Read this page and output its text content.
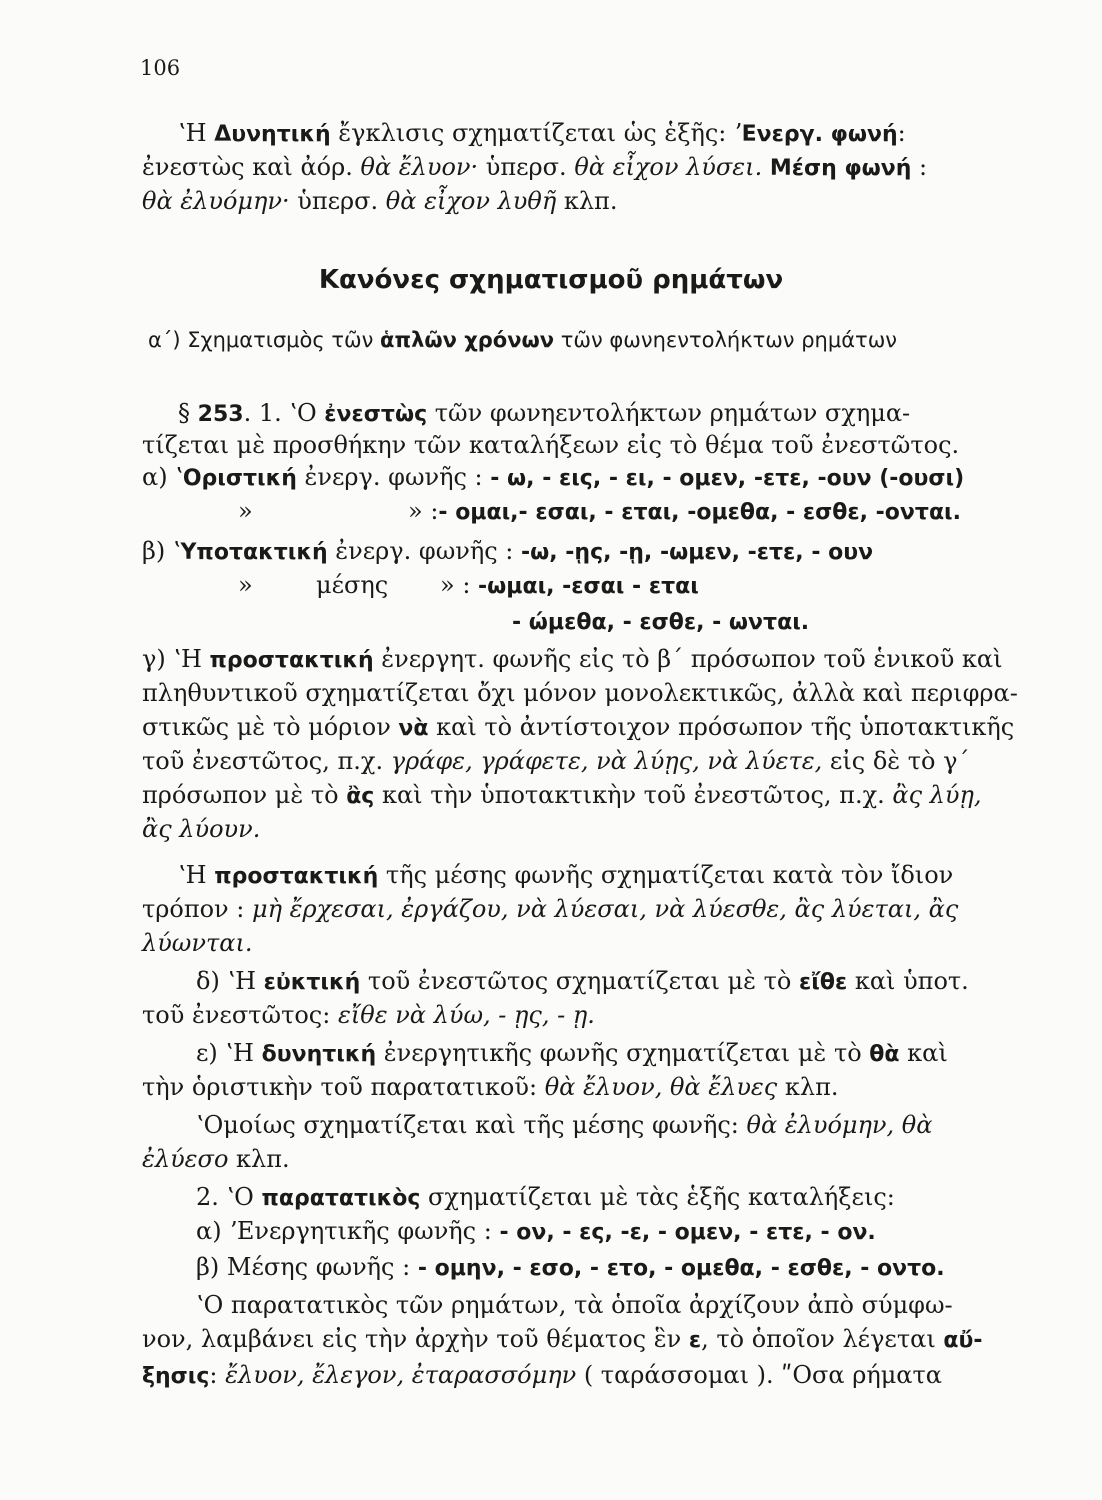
106
ʽΗ Δυνητική ἔγκλισις σχηματίζεται ὡς ἑξῆς: ʼΕνεργ. φωνή:
ἐνεστὼς καὶ ἀόρ. θὰ ἔλυον· ὑπερσ. θὰ εἶχον λύσει. Μέση φωνή :
θὰ ἐλυόμην· ὑπερσ. θὰ εἶχον λυθῆ κλπ.
Κανόνες σχηματισμοῦ ρημάτων
α΄) Σχηματισμὸς τῶν ἁπλῶν χρόνων τῶν φωνηεντολήκτων ρημάτων
§ 253. 1. ʽΟ ἐνεστὼς τῶν φωνηεντολήκτων ρημάτων σχημα-
τίζεται μὲ προσθήκην τῶν καταλήξεων εἰς τὸ θέμα τοῦ ἐνεστῶτος.
α) ʽΟριστική ἐνεργ. φωνῆς : - ω, - εις, - ει, - ομεν, -ετε, -ουν (-ουσι)
»	» :- ομαι,- εσαι, - εται, -ομεθα, - εσθε, -ονται.
β) ʽΥποτακτική ἐνεργ. φωνῆς : -ω, -ῃς, -ῃ, -ωμεν, -ετε, - ουν
»	μέσης » : -ωμαι, -εσαι - εται
- ώμεθα, - εσθε, - ωνται.
γ) ʽΗ προστακτική ἐνεργητ. φωνῆς εἰς τὸ β΄ πρόσωπον τοῦ ἑνικοῦ καὶ
πληθυντικοῦ σχηματίζεται ὄχι μόνον μονολεκτικῶς, ἀλλὰ καὶ περιφρα-
στικῶς μὲ τὸ μόριον νὰ καὶ τὸ ἀντίστοιχον πρόσωπον τῆς ὑποτακτικῆς
τοῦ ἐνεστῶτος, π.χ. γράφε, γράφετε, νὰ λύῃς, νὰ λύετε, εἰς δὲ τὸ γ΄
πρόσωπον μὲ τὸ ἂς καὶ τὴν ὑποτακτικὴν τοῦ ἐνεστῶτος, π.χ. ἂς λύῃ,
ἂς λύουν.
ʽΗ προστακτική τῆς μέσης φωνῆς σχηματίζεται κατὰ τὸν ἴδιον
τρόπον : μὴ ἔρχεσαι, ἐργάζου, νὰ λύεσαι, νὰ λύεσθε, ἂς λύεται, ἂς
λύωνται.
δ) ʽΗ εὐκτική τοῦ ἐνεστῶτος σχηματίζεται μὲ τὸ εἴθε καὶ ὑποτ.
τοῦ ἐνεστῶτος: εἴθε νὰ λύω, - ῃς, - ῃ.
ε) ʽΗ δυνητική ἐνεργητικῆς φωνῆς σχηματίζεται μὲ τὸ θὰ καὶ
τὴν ὁριστικὴν τοῦ παρατατικοῦ: θὰ ἔλυον, θὰ ἔλυες κλπ.
ʽΟμοίως σχηματίζεται καὶ τῆς μέσης φωνῆς: θὰ ἐλυόμην, θὰ
ἐλύεσο κλπ.
2. ʽΟ παρατατικὸς σχηματίζεται μὲ τὰς ἑξῆς καταλήξεις:
α) ʼΕνεργητικῆς φωνῆς : - ον, - ες, -ε, - ομεν, - ετε, - ον.
β) Μέσης φωνῆς : - ομην, - εσο, - ετο, - ομεθα, - εσθε, - οντο.
ʽΟ παρατατικὸς τῶν ρημάτων, τὰ ὁποῖα ἀρχίζουν ἀπὸ σύμφω-
νον, λαμβάνει εἰς τὴν ἀρχὴν τοῦ θέματος ἓν ε, τὸ ὁποῖον λέγεται αὔ-
ξησις: ἔλυον, ἔλεγον, ἐταρασσόμην ( ταράσσομαι ). ʺΟσα ρήματα
